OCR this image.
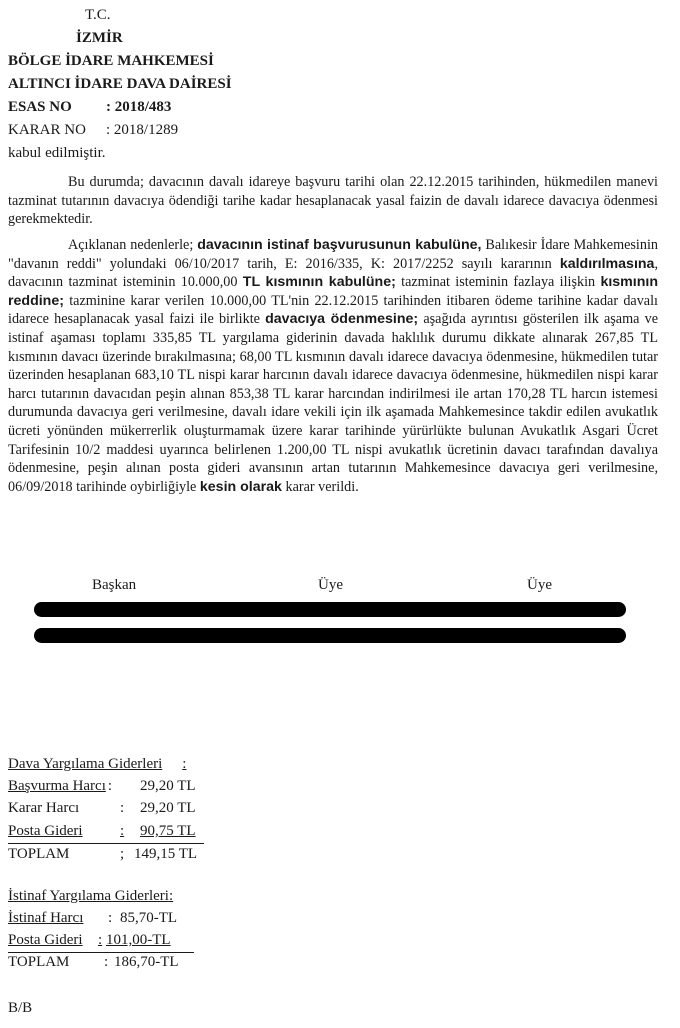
T.C.
İZMİR
BÖLGE İDARE MAHKEMESİ
ALTINCI İDARE DAVA DAİRESİ
ESAS NO : 2018/483
KARAR NO : 2018/1289
kabul edilmiştir.
Bu durumda; davacının davalı idareye başvuru tarihi olan 22.12.2015 tarihinden, hükmedilen manevi tazminat tutarının davacıya ödendiği tarihe kadar hesaplanacak yasal faizin de davalı idarece davacıya ödenmesi gerekmektedir.
Açıklanan nedenlerle; davacının istinaf başvurusunun kabulüne, Balıkesir İdare Mahkemesinin "davanın reddi" yolundaki 06/10/2017 tarih, E: 2016/335, K: 2017/2252 sayılı kararının kaldırılmasına, davacının tazminat isteminin 10.000,00 TL kısmının kabulüne; tazminat isteminin fazlaya ilişkin kısmının reddine; tazminine karar verilen 10.000,00 TL'nin 22.12.2015 tarihinden itibaren ödeme tarihine kadar davalı idarece hesaplanacak yasal faizi ile birlikte davacıya ödenmesine; aşağıda ayrıntısı gösterilen ilk aşama ve istinaf aşaması toplamı 335,85 TL yargılama giderinin davada haklılık durumu dikkate alınarak 267,85 TL kısmının davacı üzerinde bırakılmasına; 68,00 TL kısmının davalı idarece davacıya ödenmesine, hükmedilen tutar üzerinden hesaplanan 683,10 TL nispi karar harcının davalı idarece davacıya ödenmesine, hükmedilen nispi karar harcı tutarının davacıdan peşin alınan 853,38 TL karar harcından indirilmesi ile artan 170,28 TL harcın istemesi durumunda davacıya geri verilmesine, davalı idare vekili için ilk aşamada Mahkemesince takdir edilen avukatlık ücreti yönünden mükerrerlik oluşturmamak üzere karar tarihinde yürürlükte bulunan Avukatlık Asgari Ücret Tarifesinin 10/2 maddesi uyarınca belirlenen 1.200,00 TL nispi avukatlık ücretinin davacı tarafından davalıya ödenmesine, peşin alınan posta gideri avansının artan tutarının Mahkemesince davacıya geri verilmesine, 06/09/2018 tarihinde oybirliğiyle kesin olarak karar verildi.
Başkan	Üye	Üye
Dava Yargılama Giderleri :
Başvurma Harcı : 29,20 TL
Karar Harcı	: 29,20 TL
Posta Gideri : 90,75 TL
TOPLAM	; 149,15 TL
İstinaf Yargılama Giderleri:
İstinaf Harcı : 85,70-TL
Posta Gideri : 101,00-TL
TOPLAM : 186,70-TL
B/B
